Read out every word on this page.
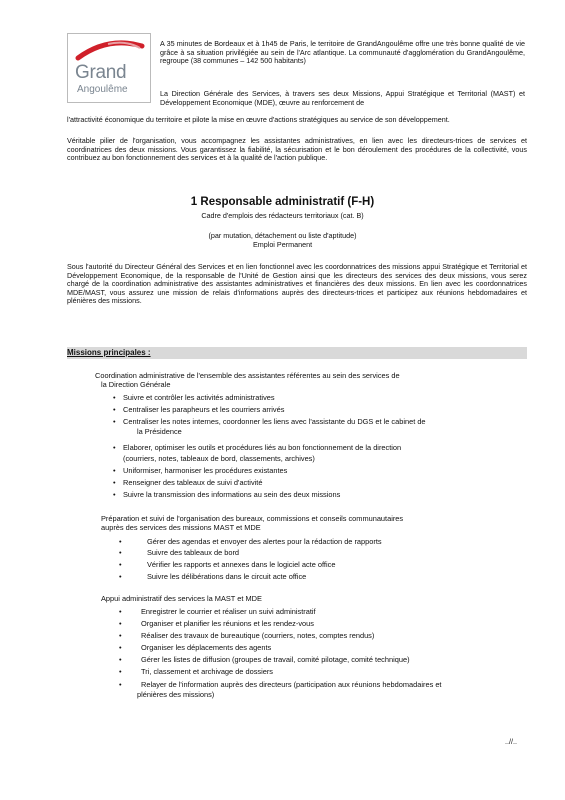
Grand
Angoulême

A 35 minutes de Bordeaux et à 1h45 de Paris, le territoire de GrandAngoulême offre une très bonne qualité de vie grâce à sa situation privilégiée au sein de l'Arc atlantique. La communauté d'agglomération du GrandAngoulême, regroupe (38 communes – 142 500 habitants)

La Direction Générale des Services, à travers ses deux Missions, Appui Stratégique et Territorial (MAST) et Développement Economique (MDE), œuvre au renforcement de

l'attractivité économique du territoire et pilote la mise en œuvre d'actions stratégiques au service de son développement.

Véritable pilier de l'organisation, vous accompagnez les assistantes administratives, en lien avec les directeurs-trices de services et coordinatrices des deux missions. Vous garantissez la fiabilité, la sécurisation et le bon déroulement des procédures de la collectivité, vous contribuez au bon fonctionnement des services et à la qualité de l'action publique.

1 Responsable administratif (F-H)
Cadre d'emplois des rédacteurs territoriaux (cat. B)
(par mutation, détachement ou liste d'aptitude)
Emploi Permanent

Sous l'autorité du Directeur Général des Services et en lien fonctionnel avec les coordonnatrices des missions appui Stratégique et Territorial et Développement Economique, de la responsable de l'Unité de Gestion ainsi que les directeurs des services des deux missions, vous serez chargé de la coordination administrative des assistantes administratives et financières des deux missions. En lien avec les coordonnatrices MDE/MAST, vous assurez une mission de relais d'informations auprès des directeurs-trices et participez aux réunions hebdomadaires et plénières des missions.

Missions principales :
Coordination administrative de l'ensemble des assistantes référentes au sein des services de
la Direction Générale
• Suivre et contrôler les activités administratives
• Centraliser les parapheurs et les courriers arrivés
• Centraliser les notes internes, coordonner les liens avec l'assistante du DGS et le cabinet de
la Présidence
• Elaborer, optimiser les outils et procédures liés au bon fonctionnement de la direction
(courriers, notes, tableaux de bord, classements, archives)
• Uniformiser, harmoniser les procédures existantes
• Renseigner des tableaux de suivi d'activité
• Suivre la transmission des informations au sein des deux missions
Préparation et suivi de l'organisation des bureaux, commissions et conseils communautaires
auprès des services des missions MAST et MDE
•	Gérer des agendas et envoyer des alertes pour la rédaction de rapports
•	Suivre des tableaux de bord
•	Vérifier les rapports et annexes dans le logiciel acte office
•	Suivre les délibérations dans le circuit acte office
Appui administratif des services la MAST et MDE
•	Enregistrer le courrier et réaliser un suivi administratif
•	Organiser et planifier les réunions et les rendez-vous
•	Réaliser des travaux de bureautique (courriers, notes, comptes rendus)
•	Organiser les déplacements des agents
•	Gérer les listes de diffusion (groupes de travail, comité pilotage, comité technique)
•	Tri, classement et archivage de dossiers
•	Relayer de l'information auprès des directeurs (participation aux réunions hebdomadaires et
plénières des missions)
..//..
